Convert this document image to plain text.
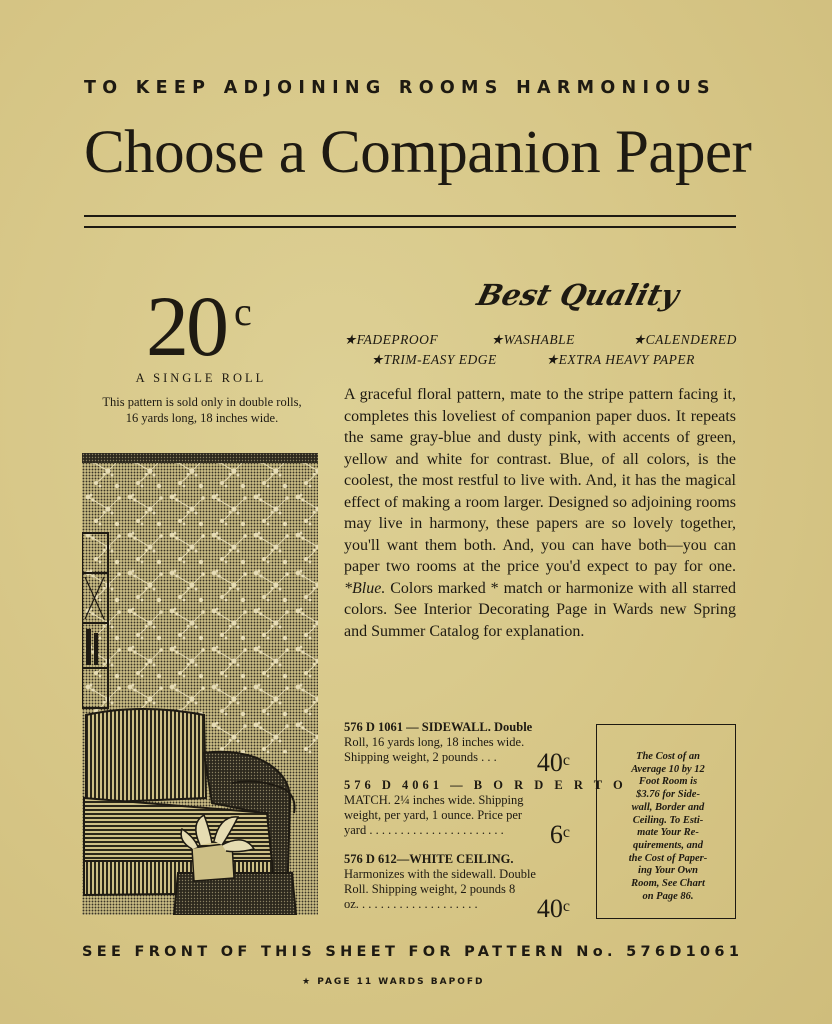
TO KEEP ADJOINING ROOMS HARMONIOUS
Choose a Companion Paper
20 c
A SINGLE ROLL
This pattern is sold only in double rolls,
16 yards long, 18 inches wide.
Best Quality
★FADEPROOF	★WASHABLE	★CALENDERED
★TRIM-EASY EDGE	★EXTRA HEAVY PAPER
A graceful floral pattern, mate to the stripe pattern facing it, completes this loveliest of companion paper duos. It repeats the same gray-blue and dusty pink, with accents of green, yellow and white for contrast. Blue, of all colors, is the coolest, the most restful to live with. And, it has the magical effect of making a room larger. Designed so adjoining rooms may live in harmony, these papers are so lovely together, you'll want them both. And, you can have both—you can paper two rooms at the price you'd expect to pay for one. *Blue. Colors marked * match or harmonize with all starred colors. See Interior Decorating Page in Wards new Spring and Summer Catalog for explanation.
576 D 1061 — SIDEWALL. Double
Roll, 16 yards long, 18 inches wide.
Shipping weight, 2 pounds . . .	40$^c$
576 D 4061 — B O R D E R T O
MATCH. 2¼ inches wide. Shipping
weight, per yard, 1 ounce. Price per
yard . . . . . . . . . . . . . . . . . . . . . .	6$^c$
576 D 612—WHITE CEILING.
Harmonizes with the sidewall. Double
Roll. Shipping weight, 2 pounds 8
oz. . . . . . . . . . . . . . . . . . . .	40$^c$
The Cost of an
Average 10 by 12
Foot Room is
$3.76 for Side-
wall, Border and
Ceiling. To Esti-
mate Your Re-
quirements, and
the Cost of Paper-
ing Your Own
Room, See Chart
on Page 86.
SEE FRONT OF THIS SHEET FOR PATTERN No. 576D1061
★ PAGE 11 WARDS BAPOFD
